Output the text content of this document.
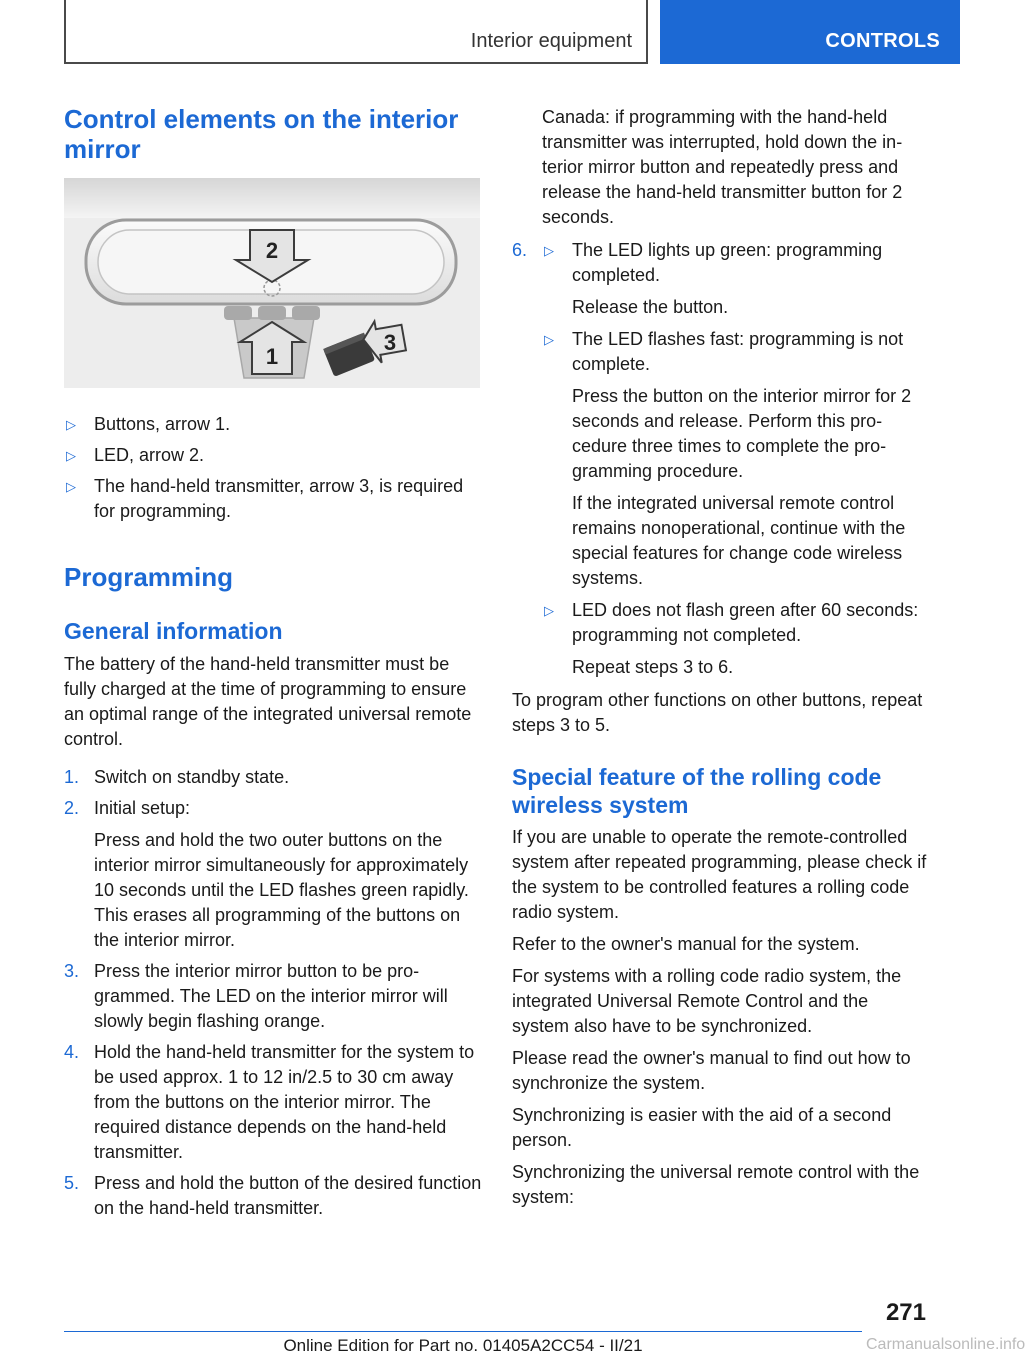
Interior equipment	CONTROLS
Control elements on the interior mirror
2
1
3
▷ Buttons, arrow 1.
▷ LED, arrow 2.
▷ The hand-held transmitter, arrow 3, is required for programming.
Programming
General information
The battery of the hand-held transmitter must be fully charged at the time of programming to ensure an optimal range of the integrated universal remote control.
1. Switch on standby state.
2. Initial setup:
Press and hold the two outer buttons on the interior mirror simultaneously for approximately 10 seconds until the LED flashes green rapidly. This erases all programming of the buttons on the interior mirror.
3. Press the interior mirror button to be programmed. The LED on the interior mirror will slowly begin flashing orange.
4. Hold the hand-held transmitter for the system to be used approx. 1 to 12 in/2.5 to 30 cm away from the buttons on the interior mirror. The required distance depends on the hand-held transmitter.
5. Press and hold the button of the desired function on the hand-held transmitter.
Canada: if programming with the hand-held transmitter was interrupted, hold down the interior mirror button and repeatedly press and release the hand-held transmitter button for 2 seconds.
6. ▷ The LED lights up green: programming completed.
Release the button.
▷ The LED flashes fast: programming is not complete.
Press the button on the interior mirror for 2 seconds and release. Perform this procedure three times to complete the programming procedure.
If the integrated universal remote control remains nonoperational, continue with the special features for change code wireless systems.
▷ LED does not flash green after 60 seconds: programming not completed.
Repeat steps 3 to 6.
To program other functions on other buttons, repeat steps 3 to 5.
Special feature of the rolling code wireless system
If you are unable to operate the remote-controlled system after repeated programming, please check if the system to be controlled features a rolling code radio system.
Refer to the owner's manual for the system.
For systems with a rolling code radio system, the integrated Universal Remote Control and the system also have to be synchronized.
Please read the owner's manual to find out how to synchronize the system.
Synchronizing is easier with the aid of a second person.
Synchronizing the universal remote control with the system:
271
Online Edition for Part no. 01405A2CC54 - II/21	Carmanualsonline.info
